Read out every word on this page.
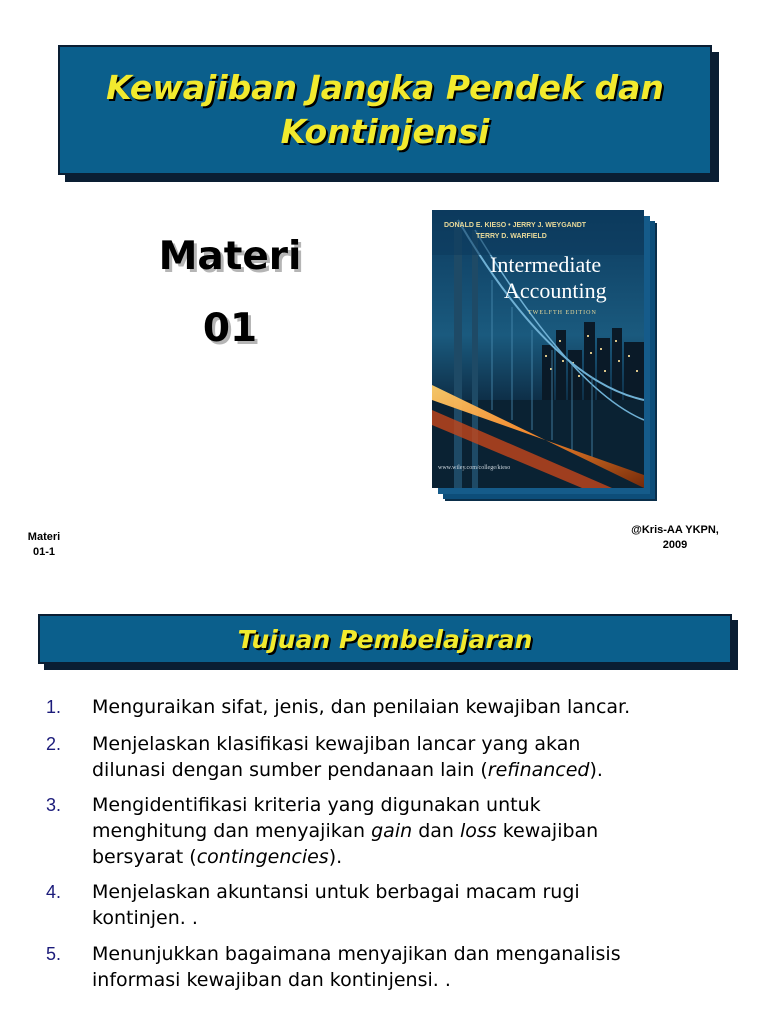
Kewajiban Jangka Pendek dan
Kontinjensi
Materi
01
DONALD E. KIESO • JERRY J. WEYGANDT
TERRY D. WARFIELD
Intermediate
Accounting
TWELFTH EDITION
www.wiley.com/college/kieso
Materi
01-1
@Kris-AA YKPN,
2009
Tujuan Pembelajaran
1.	Menguraikan sifat, jenis, dan penilaian kewajiban lancar.
2.	Menjelaskan klasifikasi kewajiban lancar yang akan
dilunasi dengan sumber pendanaan lain (refinanced).
3.	Mengidentifikasi kriteria yang digunakan untuk
menghitung dan menyajikan gain dan loss kewajiban
bersyarat (contingencies).
4.	Menjelaskan akuntansi untuk berbagai macam rugi
kontinjen. .
5.	Menunjukkan bagaimana menyajikan dan menganalisis
informasi kewajiban dan kontinjensi. .
